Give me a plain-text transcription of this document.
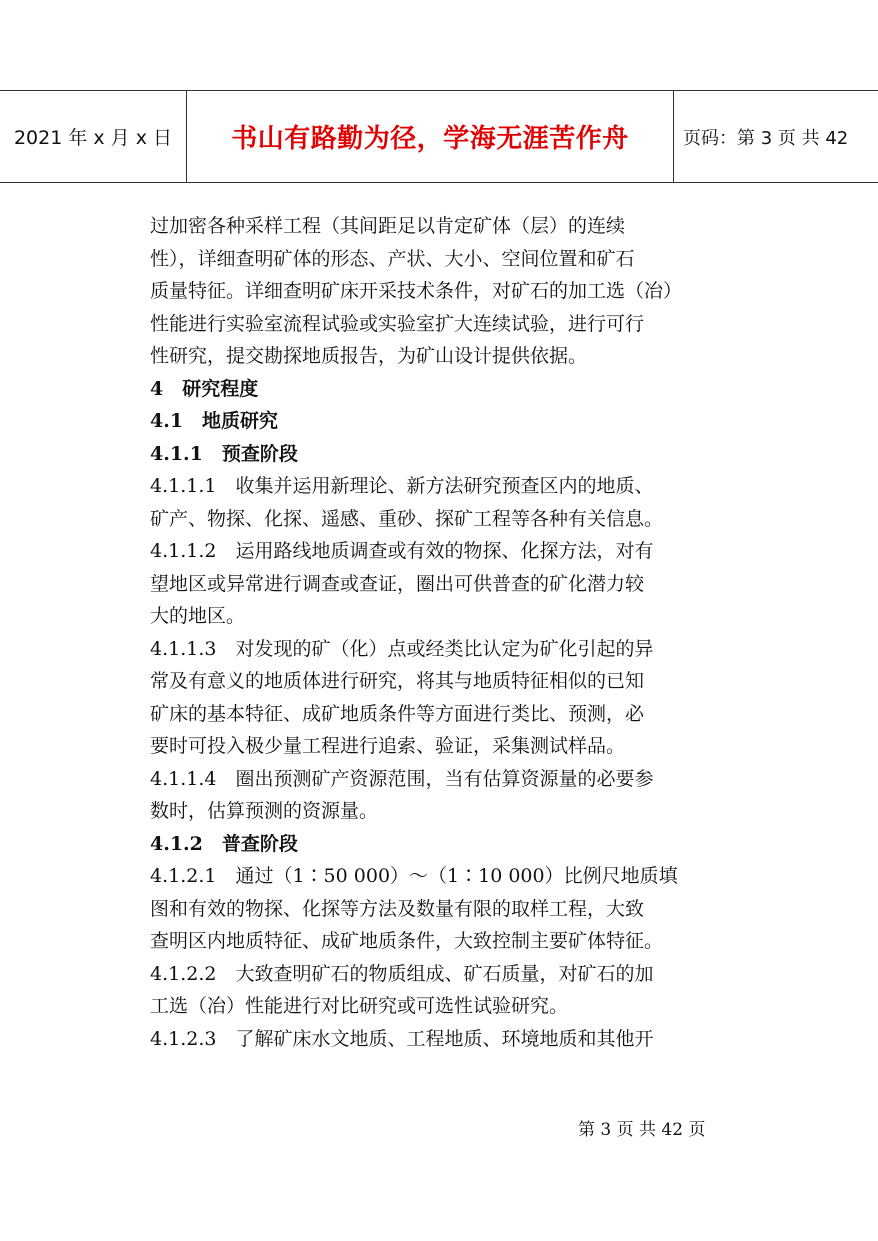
2021 年 x 月 x 日	书山有路勤为径，学海无涯苦作舟	页码：第 3 页 共 42
过加密各种采样工程（其间距足以肯定矿体（层）的连续
性），详细查明矿体的形态、产状、大小、空间位置和矿石
质量特征。详细查明矿床开采技术条件，对矿石的加工选（冶）
性能进行实验室流程试验或实验室扩大连续试验，进行可行
性研究，提交勘探地质报告，为矿山设计提供依据。
4　研究程度
4.1　地质研究
4.1.1　预查阶段
4.1.1.1　收集并运用新理论、新方法研究预查区内的地质、
矿产、物探、化探、遥感、重砂、探矿工程等各种有关信息。
4.1.1.2　运用路线地质调查或有效的物探、化探方法，对有
望地区或异常进行调查或查证，圈出可供普查的矿化潜力较
大的地区。
4.1.1.3　对发现的矿（化）点或经类比认定为矿化引起的异
常及有意义的地质体进行研究，将其与地质特征相似的已知
矿床的基本特征、成矿地质条件等方面进行类比、预测，必
要时可投入极少量工程进行追索、验证，采集测试样品。
4.1.1.4　圈出预测矿产资源范围，当有估算资源量的必要参
数时，估算预测的资源量。
4.1.2　普查阶段
4.1.2.1　通过（1∶50 000）～（1∶10 000）比例尺地质填
图和有效的物探、化探等方法及数量有限的取样工程，大致
查明区内地质特征、成矿地质条件，大致控制主要矿体特征。
4.1.2.2　大致查明矿石的物质组成、矿石质量，对矿石的加
工选（冶）性能进行对比研究或可选性试验研究。
4.1.2.3　了解矿床水文地质、工程地质、环境地质和其他开
第 3 页 共 42 页
